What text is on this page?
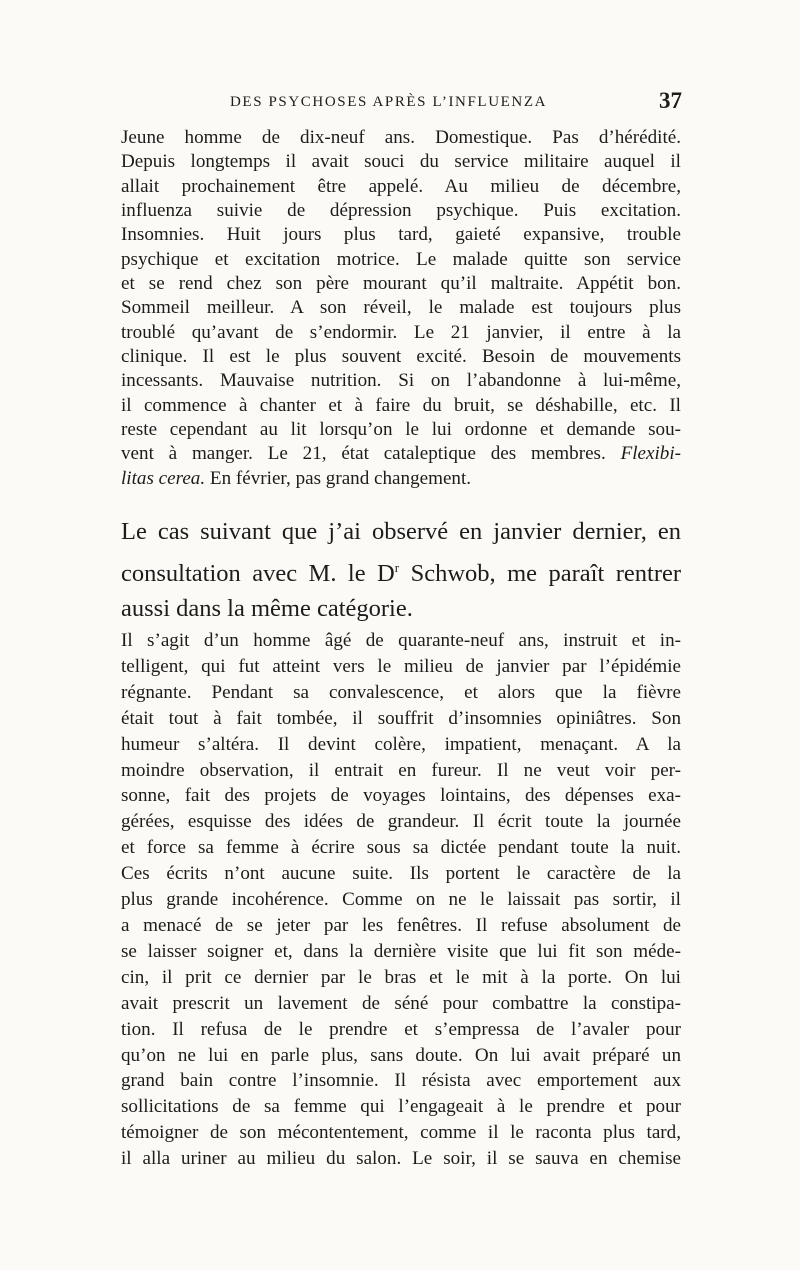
DES PSYCHOSES APRÈS L’INFLUENZA	37

Jeune homme de dix-neuf ans. Domestique. Pas d’hérédité.
Depuis longtemps il avait souci du service militaire auquel il
allait prochainement être appelé. Au milieu de décembre,
influenza suivie de dépression psychique. Puis excitation.
Insomnies. Huit jours plus tard, gaieté expansive, trouble
psychique et excitation motrice. Le malade quitte son service
et se rend chez son père mourant qu’il maltraite. Appétit bon.
Sommeil meilleur. A son réveil, le malade est toujours plus
troublé qu’avant de s’endormir. Le 21 janvier, il entre à la
clinique. Il est le plus souvent excité. Besoin de mouvements
incessants. Mauvaise nutrition. Si on l’abandonne à lui-même,
il commence à chanter et à faire du bruit, se déshabille, etc. Il
reste cependant au lit lorsqu’on le lui ordonne et demande sou-
vent à manger. Le 21, état cataleptique des membres. Flexibi-
litas cerea. En février, pas grand changement.

Le cas suivant que j’ai observé en janvier dernier, en
consultation avec M. le $D^r$ Schwob, me paraît rentrer
aussi dans la même catégorie.

Il s’agit d’un homme âgé de quarante-neuf ans, instruit et in-
telligent, qui fut atteint vers le milieu de janvier par l’épidémie
régnante. Pendant sa convalescence, et alors que la fièvre
était tout à fait tombée, il souffrit d’insomnies opiniâtres. Son
humeur s’altéra. Il devint colère, impatient, menaçant. A la
moindre observation, il entrait en fureur. Il ne veut voir per-
sonne, fait des projets de voyages lointains, des dépenses exa-
gérées, esquisse des idées de grandeur. Il écrit toute la journée
et force sa femme à écrire sous sa dictée pendant toute la nuit.
Ces écrits n’ont aucune suite. Ils portent le caractère de la
plus grande incohérence. Comme on ne le laissait pas sortir, il
a menacé de se jeter par les fenêtres. Il refuse absolument de
se laisser soigner et, dans la dernière visite que lui fit son méde-
cin, il prit ce dernier par le bras et le mit à la porte. On lui
avait prescrit un lavement de séné pour combattre la constipa-
tion. Il refusa de le prendre et s’empressa de l’avaler pour
qu’on ne lui en parle plus, sans doute. On lui avait préparé un
grand bain contre l’insomnie. Il résista avec emportement aux
sollicitations de sa femme qui l’engageait à le prendre et pour
témoigner de son mécontentement, comme il le raconta plus tard,
il alla uriner au milieu du salon. Le soir, il se sauva en chemise
